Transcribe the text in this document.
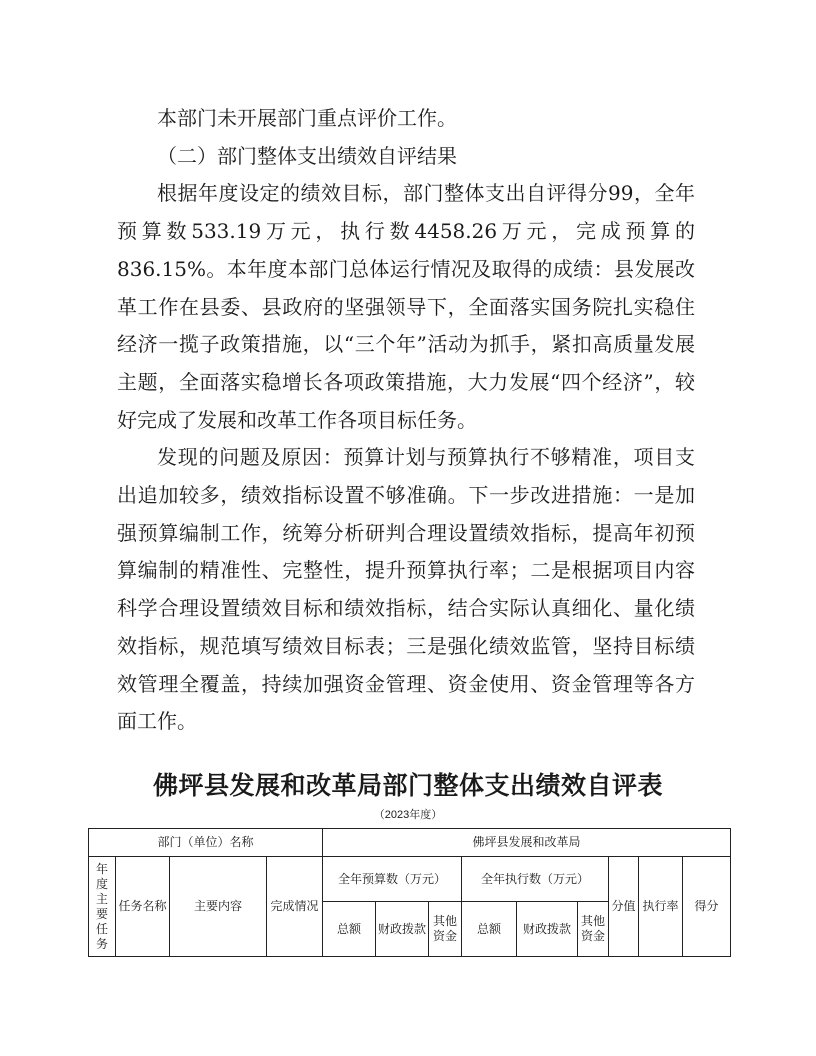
本部门未开展部门重点评价工作。

（二）部门整体支出绩效自评结果

根据年度设定的绩效目标，部门整体支出自评得分99，全年预算数533.19万元，执行数4458.26万元，完成预算的836.15%。本年度本部门总体运行情况及取得的成绩：县发展改革工作在县委、县政府的坚强领导下，全面落实国务院扎实稳住经济一揽子政策措施，以“三个年”活动为抓手，紧扣高质量发展主题，全面落实稳增长各项政策措施，大力发展“四个经济”，较好完成了发展和改革工作各项目标任务。

发现的问题及原因：预算计划与预算执行不够精准，项目支出追加较多，绩效指标设置不够准确。下一步改进措施：一是加强预算编制工作，统筹分析研判合理设置绩效指标，提高年初预算编制的精准性、完整性，提升预算执行率；二是根据项目内容科学合理设置绩效目标和绩效指标，结合实际认真细化、量化绩效指标，规范填写绩效目标表；三是强化绩效监管，坚持目标绩效管理全覆盖，持续加强资金管理、资金使用、资金管理等各方面工作。

佛坪县发展和改革局部门整体支出绩效自评表
（2023年度）
部门（单位）名称				佛坪县发展和改革局								
年度主要任务	任务名称	主要内容	完成情况	全年预算数（万元）			全年执行数（万元）			分值	执行率	得分
				总额	财政拨款	其他资金	总额	财政拨款	其他资金			
